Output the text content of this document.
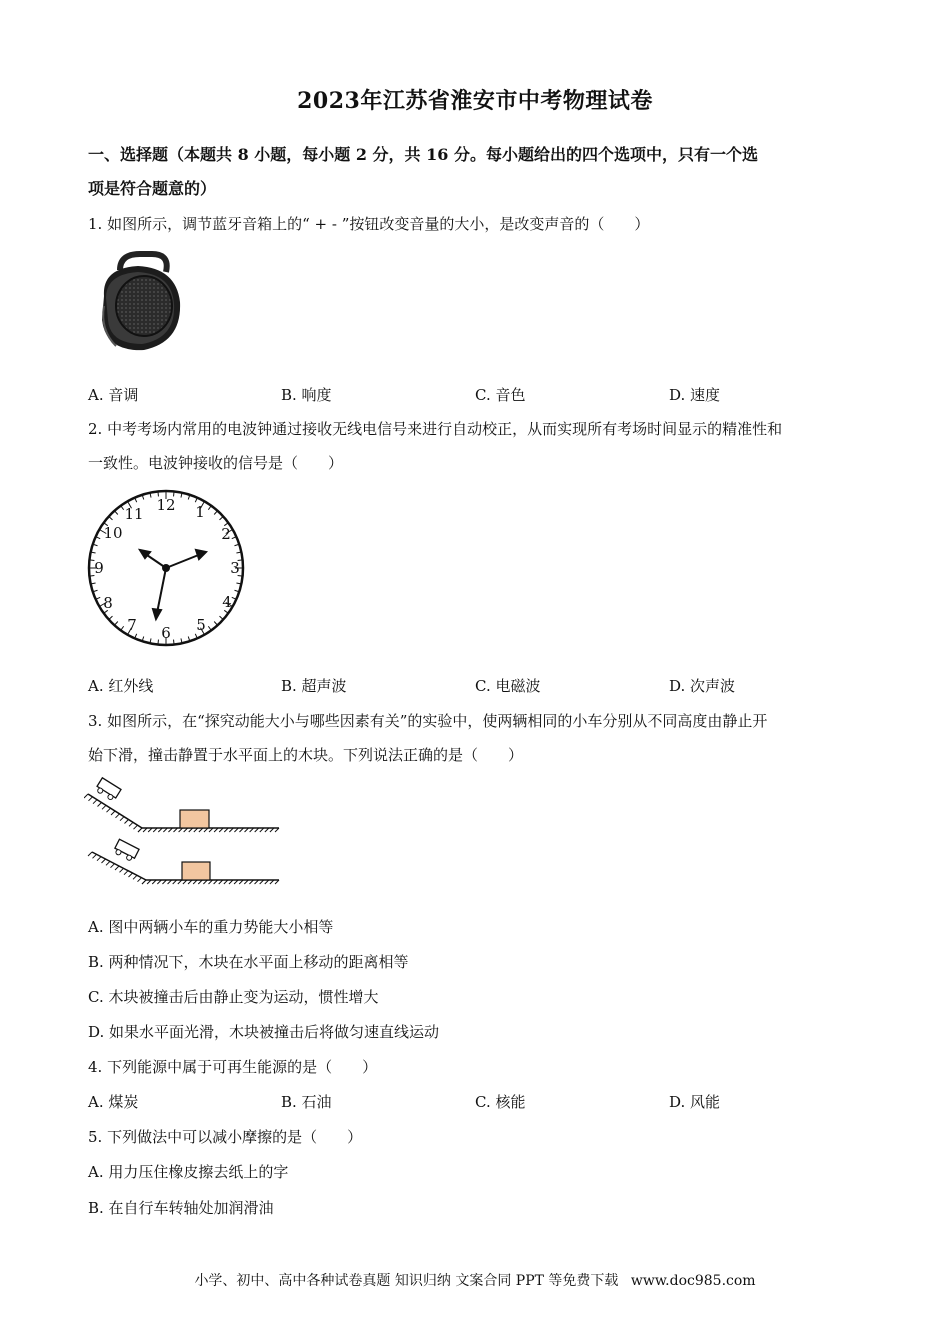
2023年江苏省淮安市中考物理试卷
一、选择题（本题共 8 小题，每小题 2 分，共 16 分。每小题给出的四个选项中，只有一个选
项是符合题意的）
1. 如图所示，调节蓝牙音箱上的“ + - ”按钮改变音量的大小，是改变声音的（　　）
A. 音调	B. 响度	C. 音色	D. 速度
2. 中考考场内常用的电波钟通过接收无线电信号来进行自动校正，从而实现所有考场时间显示的精准性和
一致性。电波钟接收的信号是（　　）
12 1
2
3
4
5
6
7
8
9
10
11
A. 红外线	B. 超声波	C. 电磁波	D. 次声波
3. 如图所示，在“探究动能大小与哪些因素有关”的实验中，使两辆相同的小车分别从不同高度由静止开
始下滑，撞击静置于水平面上的木块。下列说法正确的是（　　）
A. 图中两辆小车的重力势能大小相等
B. 两种情况下，木块在水平面上移动的距离相等
C. 木块被撞击后由静止变为运动，惯性增大
D. 如果水平面光滑，木块被撞击后将做匀速直线运动
4. 下列能源中属于可再生能源的是（　　）
A. 煤炭	B. 石油	C. 核能	D. 风能
5. 下列做法中可以减小摩擦的是（　　）
A. 用力压住橡皮擦去纸上的字
B. 在自行车转轴处加润滑油
小学、初中、高中各种试卷真题 知识归纳 文案合同 PPT 等免费下载 www.doc985.com
